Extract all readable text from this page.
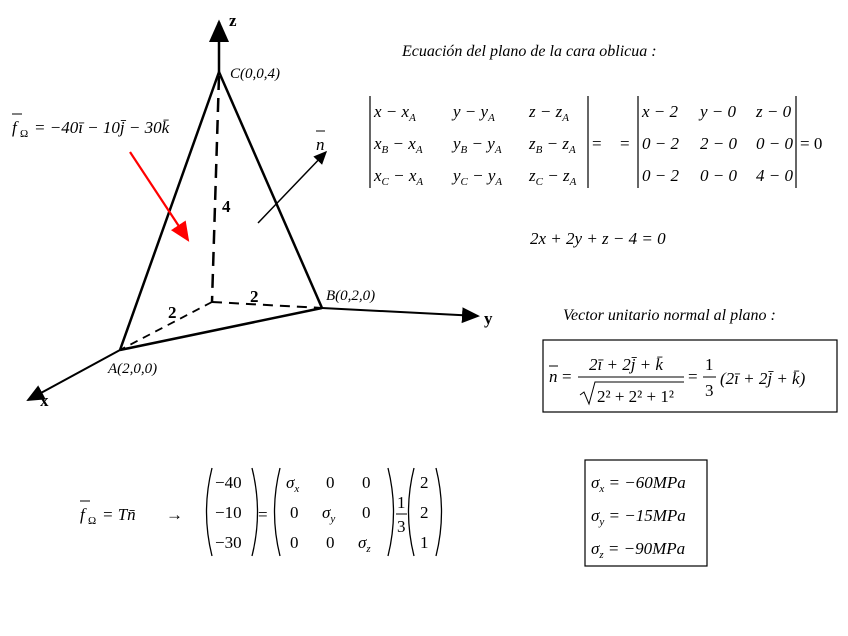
z
y
x
C(0,0,4)
B(0,2,0)
A(2,0,0)
4
2
2
n
f Ω = −40ī − 10j̄ − 30k̄
Ecuación del plano de la cara oblicua :
$x - x_A$ $y - y_A$ $z - z_A$
$x_B - x_A$ $y_B - y_A$ $z_B - z_A$
$x_C - x_A$ $y_C - y_A$ $z_C - z_A$
= =
x − 2 y − 0 z − 0
0 − 2 2 − 0 0 − 0
0 − 2 0 − 0 4 − 0
= 0
2x + 2y + z − 4 = 0
Vector unitario normal al plano :
n =
2ī + 2j̄ + k̄
2² + 2² + 1²
=
1
3
(2ī + 2j̄ + k̄)
f Ω = Tn̄ →
−40
−10
−30
=
$\sigma_x$ 0 0
0 $\sigma_y$ 0
0 0 $\sigma_z$
1
3
2
2
1
$\sigma_x = -60MPa$
$\sigma_y = -15MPa$
$\sigma_z = -90MPa$
